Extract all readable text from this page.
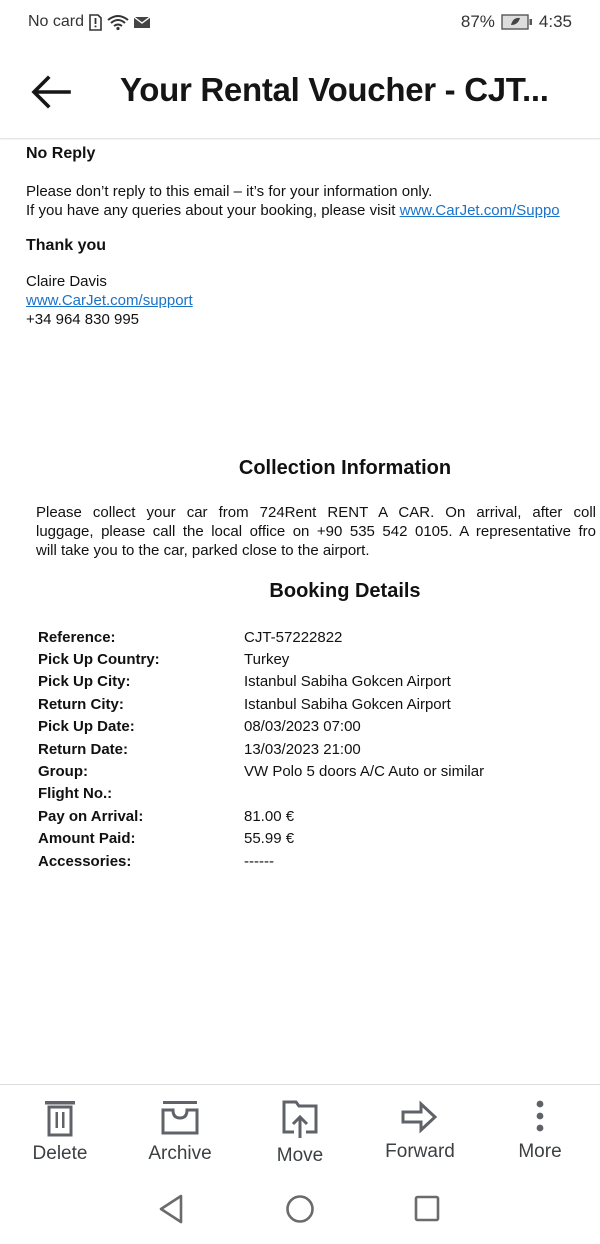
No card	87%	4:35
Your Rental Voucher - CJT...
No Reply
Please don’t reply to this email – it’s for your information only.
If you have any queries about your booking, please visit www.CarJet.com/Suppo
Thank you
Claire Davis
www.CarJet.com/support
+34 964 830 995
Collection Information
Please collect your car from 724Rent RENT A CAR. On arrival, after coll
luggage, please call the local office on +90 535 542 0105. A representative fro
will take you to the car, parked close to the airport.
Booking Details
Reference:	CJT-57222822
Pick Up Country:	Turkey
Pick Up City:	Istanbul Sabiha Gokcen Airport
Return City:	Istanbul Sabiha Gokcen Airport
Pick Up Date:	08/03/2023 07:00
Return Date:	13/03/2023 21:00
Group:	VW Polo 5 doors A/C Auto or similar
Flight No.:
Pay on Arrival:	81.00 €
Amount Paid:	55.99 €
Accessories:	------
Delete	Archive	Move	Forward	More
